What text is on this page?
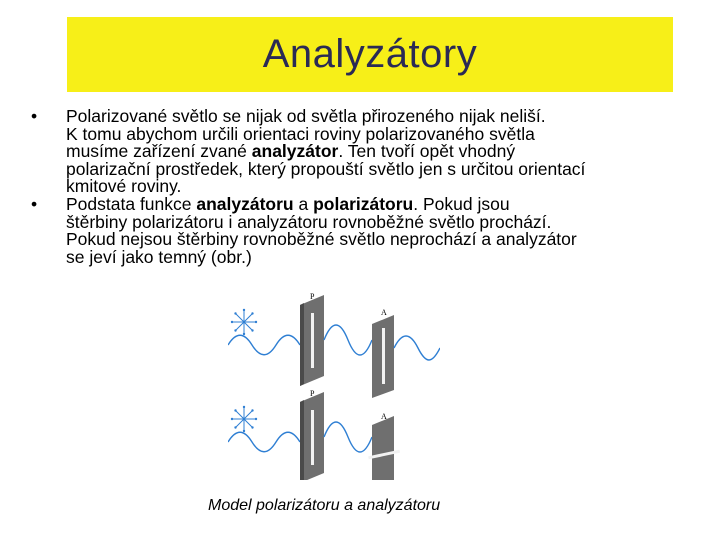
Analyzátory
• Polarizované světlo se nijak od světla přirozeného nijak neliší.
K tomu abychom určili orientaci roviny polarizovaného světla
musíme zařízení zvané analyzátor. Ten tvoří opět vhodný
polarizační prostředek, který propouští světlo jen s určitou orientací
kmitové roviny.
• Podstata funkce analyzátoru a polarizátoru. Pokud jsou
štěrbiny polarizátoru i analyzátoru rovnoběžné světlo prochází.
Pokud nejsou štěrbiny rovnoběžné světlo neprochází a analyzátor
se jeví jako temný (obr.)
P
A
P
A
Model polarizátoru a analyzátoru
